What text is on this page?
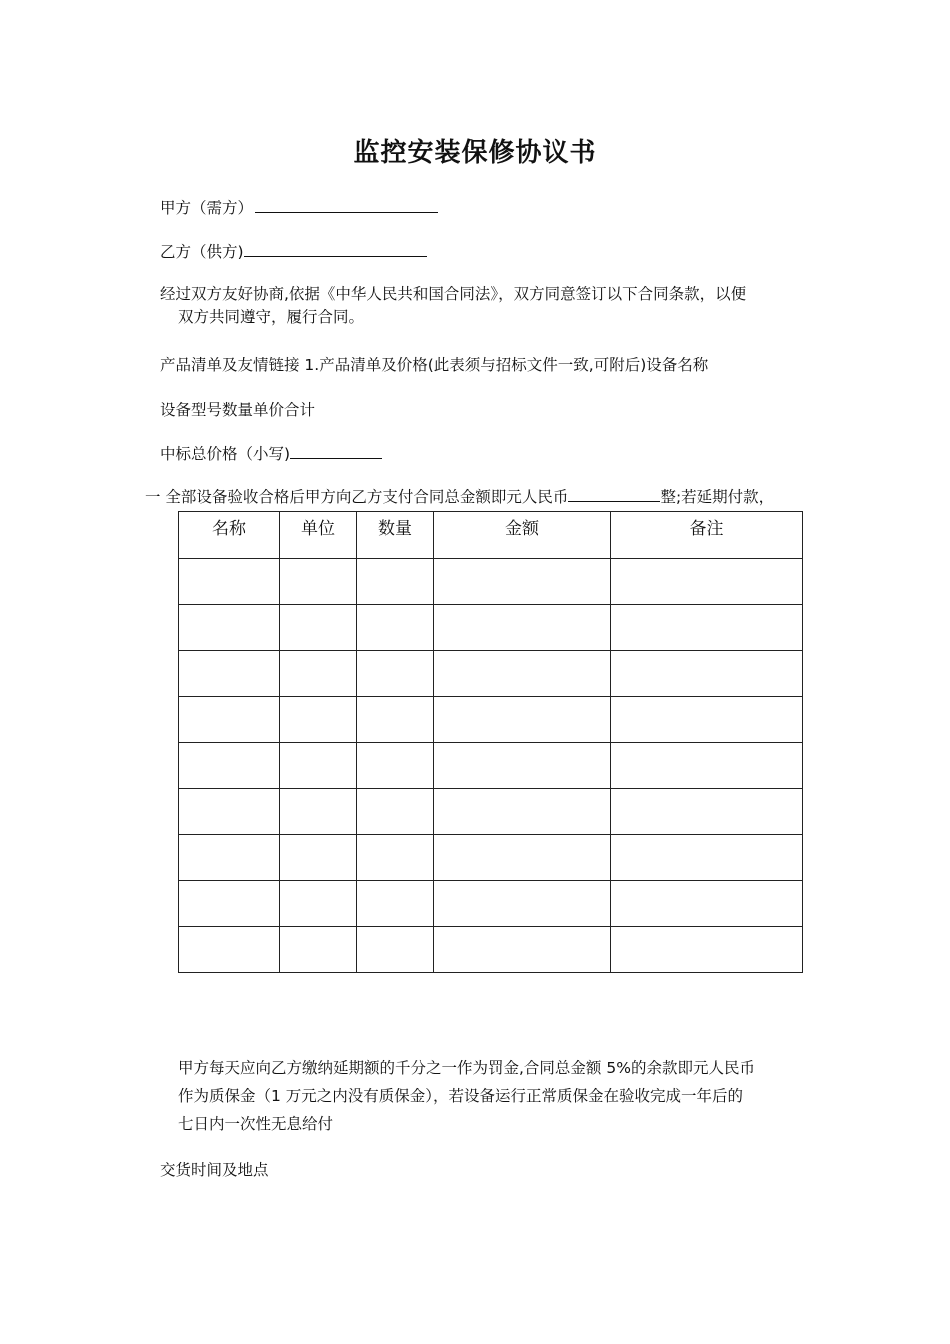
监控安装保修协议书
甲方（需方）
乙方（供方)
经过双方友好协商,依据《中华人民共和国合同法》，双方同意签订以下合同条款，以便
双方共同遵守，履行合同。
产品清单及友情链接 1.产品清单及价格(此表须与招标文件一致,可附后)设备名称
设备型号数量单价合计
中标总价格（小写)
一 全部设备验收合格后甲方向乙方支付合同总金额即元人民币	整;若延期付款，
名称	单位	数量	金额	备注

甲方每天应向乙方缴纳延期额的千分之一作为罚金,合同总金额 5%的余款即元人民币
作为质保金（1 万元之内没有质保金），若设备运行正常质保金在验收完成一年后的
七日内一次性无息给付
交货时间及地点
